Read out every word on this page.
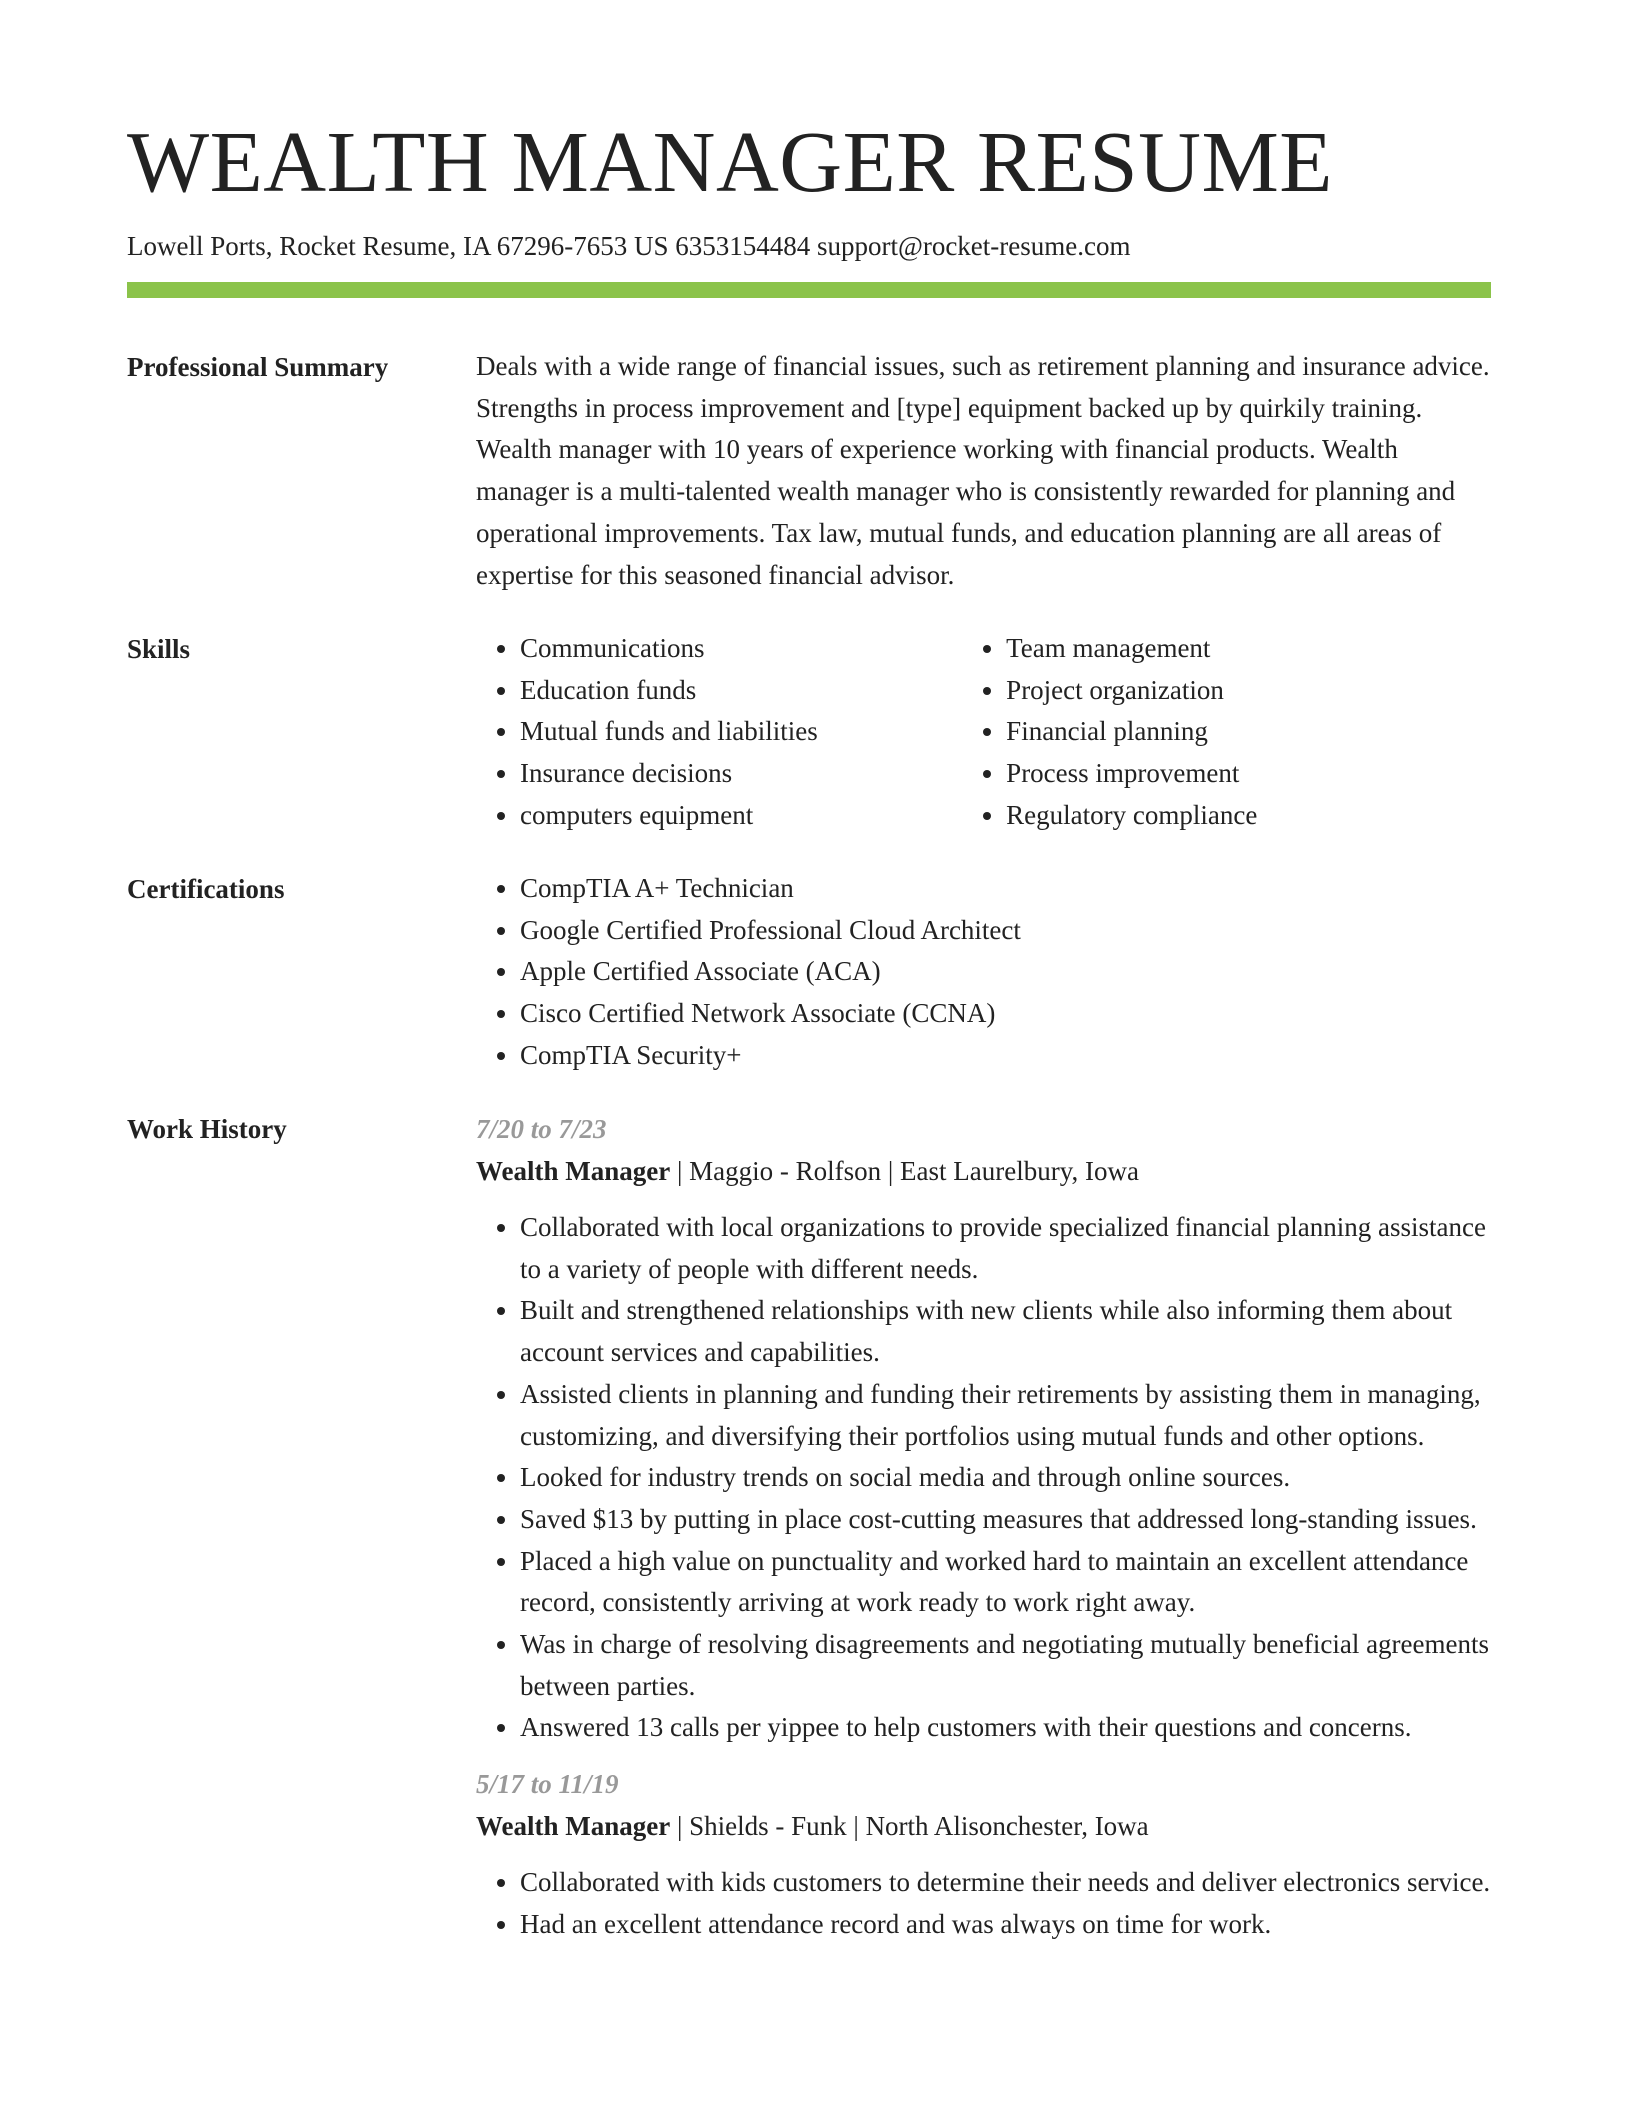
WEALTH MANAGER RESUME
Lowell Ports, Rocket Resume, IA 67296-7653 US 6353154484 support@rocket-resume.com
Professional Summary	Deals with a wide range of financial issues, such as retirement planning and insurance advice. Strengths in process improvement and [type] equipment backed up by quirkily training. Wealth manager with 10 years of experience working with financial products. Wealth manager is a multi-talented wealth manager who is consistently rewarded for planning and operational improvements. Tax law, mutual funds, and education planning are all areas of expertise for this seasoned financial advisor.

Skills	• Communications
• Education funds
• Mutual funds and liabilities
• Insurance decisions
• computers equipment
• Team management
• Project organization
• Financial planning
• Process improvement
• Regulatory compliance
Certifications	• CompTIA A+ Technician
• Google Certified Professional Cloud Architect
• Apple Certified Associate (ACA)
• Cisco Certified Network Associate (CCNA)
• CompTIA Security+
Work History	7/20 to 7/23
Wealth Manager | Maggio - Rolfson | East Laurelbury, Iowa
• Collaborated with local organizations to provide specialized financial planning assistance to a variety of people with different needs.
• Built and strengthened relationships with new clients while also informing them about account services and capabilities.
• Assisted clients in planning and funding their retirements by assisting them in managing, customizing, and diversifying their portfolios using mutual funds and other options.
• Looked for industry trends on social media and through online sources.
• Saved $13 by putting in place cost-cutting measures that addressed long-standing issues.
• Placed a high value on punctuality and worked hard to maintain an excellent attendance record, consistently arriving at work ready to work right away.
• Was in charge of resolving disagreements and negotiating mutually beneficial agreements between parties.
• Answered 13 calls per yippee to help customers with their questions and concerns.
5/17 to 11/19
Wealth Manager | Shields - Funk | North Alisonchester, Iowa
• Collaborated with kids customers to determine their needs and deliver electronics service.
• Had an excellent attendance record and was always on time for work.
